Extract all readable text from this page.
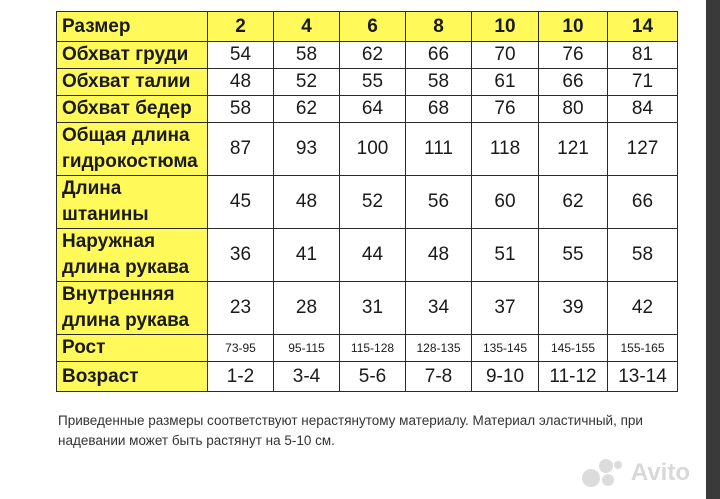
Размер	2	4	6	8	10	10	14
Обхват груди	54	58	62	66	70	76	81
Обхват талии	48	52	55	58	61	66	71
Обхват бедер	58	62	64	68	76	80	84

Общая длина
гидрокостюма	87	93	100	111	118	121	127

Длина
штанины	45	48	52	56	60	62	66

Наружная
длина рукава	36	41	44	48	51	55	58

Внутренняя
длина рукава	23	28	31	34	37	39	42
Рост	73-95	95-115	115-128	128-135	135-145	145-155	155-165
Возраст	1-2	3-4	5-6	7-8	9-10	11-12	13-14
Приведенные размеры соответствуют нерастянутому материалу. Материал эластичный, при
надевании может быть растянут на 5-10 см.
Avito
